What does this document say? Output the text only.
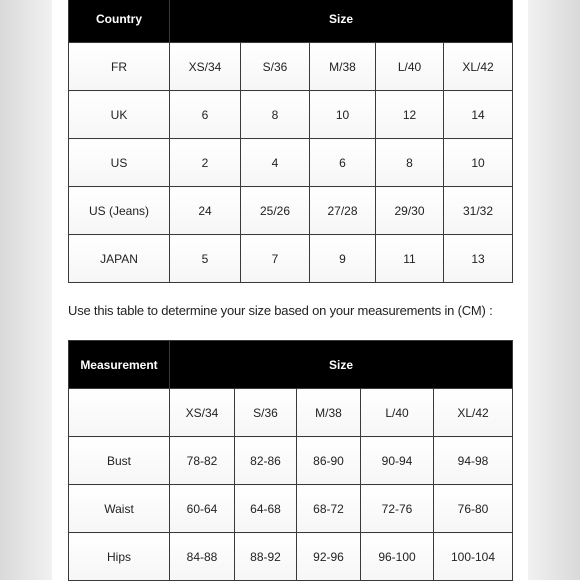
Country	Size				
FR	XS/34	S/36	M/38	L/40	XL/42
UK	6	8	10	12	14
US	2	4	6	8	10
US (Jeans)	24	25/26	27/28	29/30	31/32
JAPAN	5	7	9	11	13
Use this table to determine your size based on your measurements in (CM) :
Measurement	Size				
	XS/34	S/36	M/38	L/40	XL/42
Bust	78-82	82-86	86-90	90-94	94-98
Waist	60-64	64-68	68-72	72-76	76-80
Hips	84-88	88-92	92-96	96-100	100-104
